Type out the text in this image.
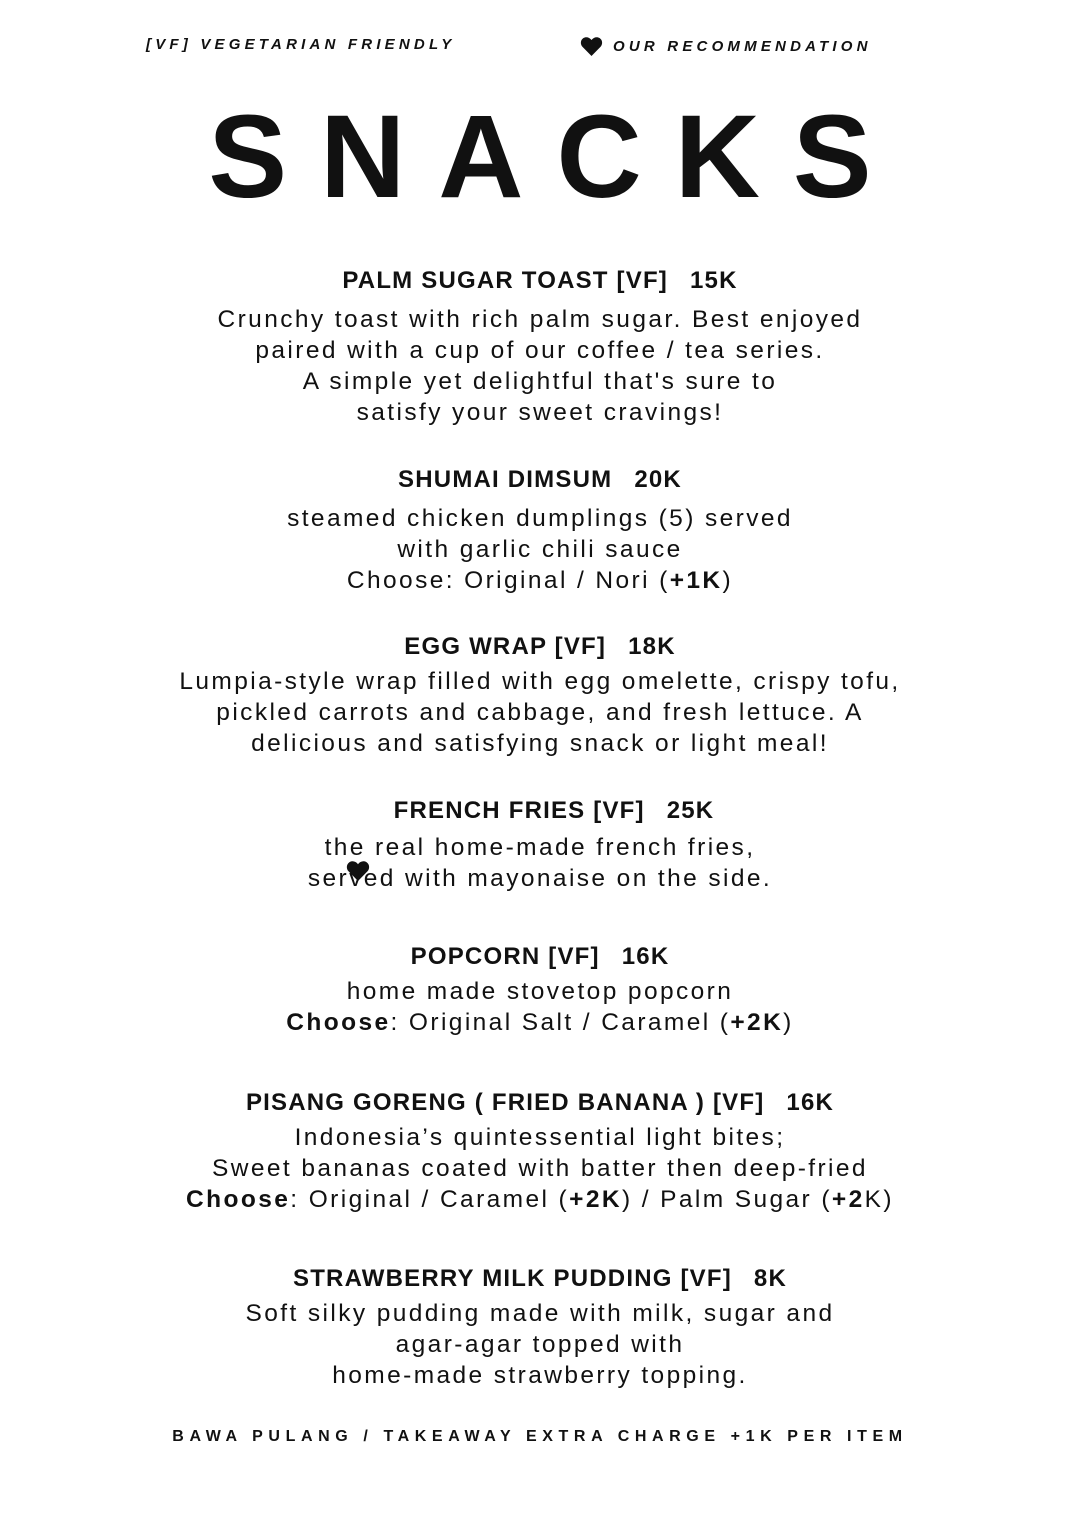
[VF] VEGETARIAN FRIENDLY	OUR RECOMMENDATION
SNACKS
PALM SUGAR TOAST [VF] 15K
Crunchy toast with rich palm sugar. Best enjoyed
paired with a cup of our coffee / tea series.
A simple yet delightful that's sure to
satisfy your sweet cravings!
SHUMAI DIMSUM 20K
steamed chicken dumplings (5) served
with garlic chili sauce
Choose: Original / Nori (+1K)
EGG WRAP [VF] 18K
Lumpia-style wrap filled with egg omelette, crispy tofu,
pickled carrots and cabbage, and fresh lettuce. A
delicious and satisfying snack or light meal!

FRENCH FRIES [VF] 25K
the real home-made french fries,
served with mayonaise on the side.
POPCORN [VF] 16K
home made stovetop popcorn
Choose: Original Salt / Caramel (+2K)
PISANG GORENG ( FRIED BANANA ) [VF] 16K
Indonesia’s quintessential light bites;
Sweet bananas coated with batter then deep-fried
Choose: Original / Caramel (+2K) / Palm Sugar (+2K)
STRAWBERRY MILK PUDDING [VF] 8K
Soft silky pudding made with milk, sugar and
agar-agar topped with
home-made strawberry topping.
BAWA PULANG / TAKEAWAY EXTRA CHARGE +1K PER ITEM
